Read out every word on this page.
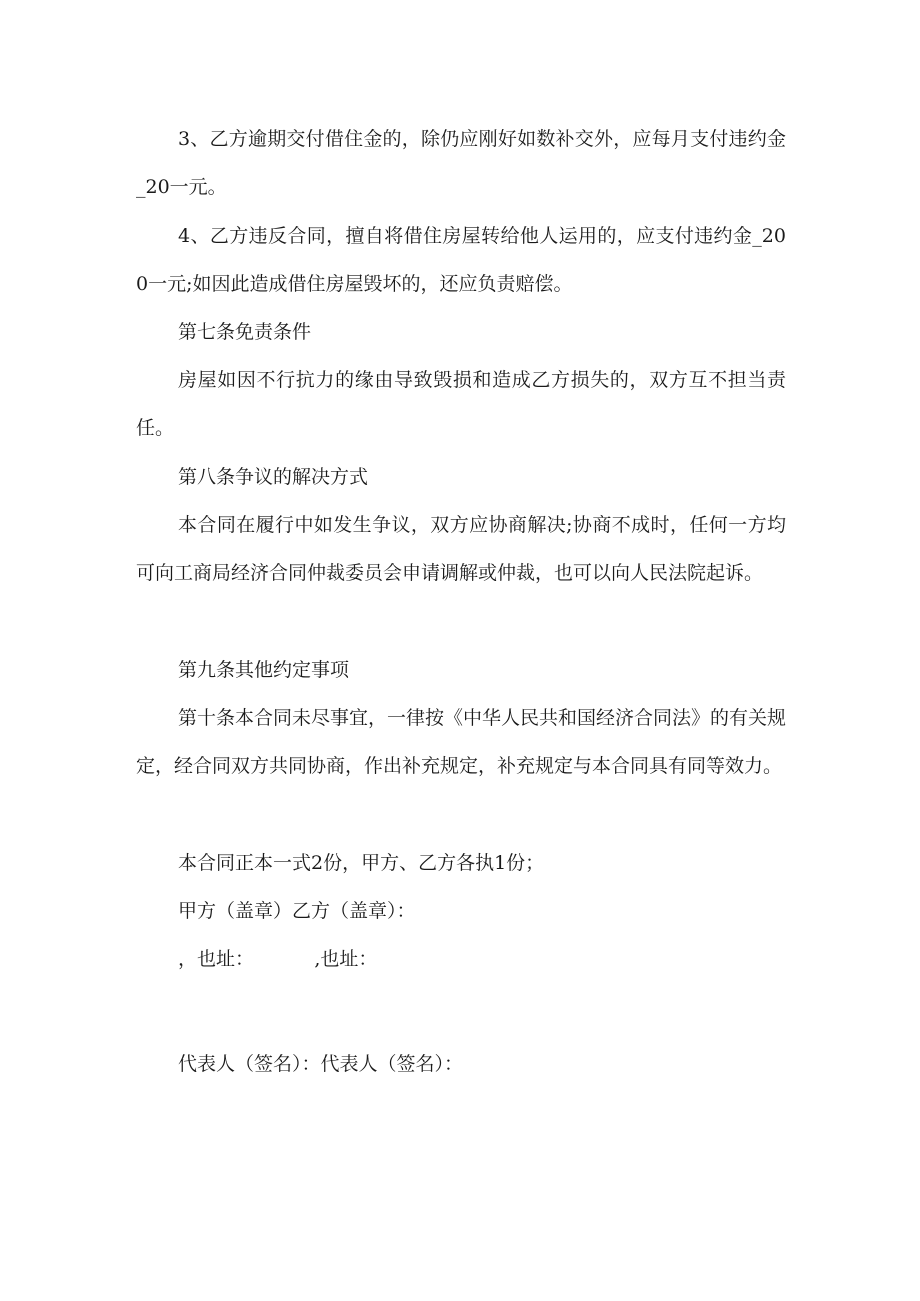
3、乙方逾期交付借住金的，除仍应刚好如数补交外，应每月支付违约金_20一元。

4、乙方违反合同，擅自将借住房屋转给他人运用的，应支付违约金_200一元;如因此造成借住房屋毁坏的，还应负责赔偿。

第七条免责条件

房屋如因不行抗力的缘由导致毁损和造成乙方损失的，双方互不担当责任。

第八条争议的解决方式

本合同在履行中如发生争议，双方应协商解决;协商不成时，任何一方均可向工商局经济合同仲裁委员会申请调解或仲裁，也可以向人民法院起诉。

第九条其他约定事项

第十条本合同未尽事宜，一律按《中华人民共和国经济合同法》的有关规定，经合同双方共同协商，作出补充规定，补充规定与本合同具有同等效力。

本合同正本一式2份，甲方、乙方各执1份；

甲方（盖章）乙方（盖章）：

，也址：          ,也址：

代表人（签名）：代表人（签名）：
